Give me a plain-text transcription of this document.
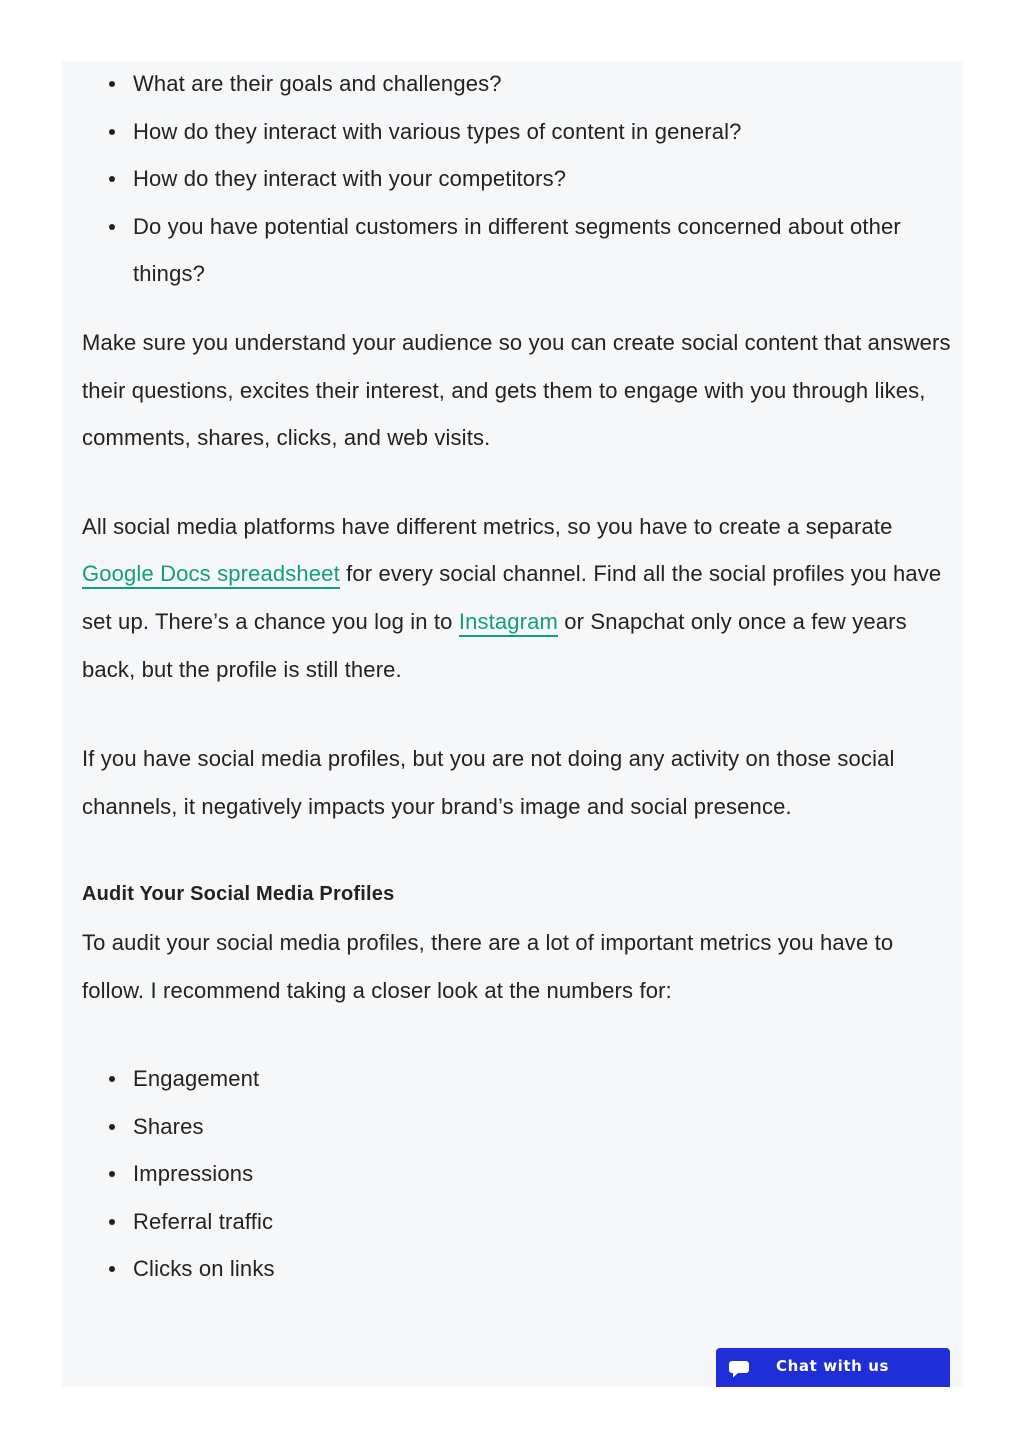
What are their goals and challenges?
How do they interact with various types of content in general?
How do they interact with your competitors?
Do you have potential customers in different segments concerned about other things?

Make sure you understand your audience so you can create social content that answers their questions, excites their interest, and gets them to engage with you through likes, comments, shares, clicks, and web visits.

All social media platforms have different metrics, so you have to create a separate Google Docs spreadsheet for every social channel. Find all the social profiles you have set up. There’s a chance you log in to Instagram or Snapchat only once a few years back, but the profile is still there.

If you have social media profiles, but you are not doing any activity on those social channels, it negatively impacts your brand’s image and social presence.

Audit Your Social Media Profiles

To audit your social media profiles, there are a lot of important metrics you have to follow. I recommend taking a closer look at the numbers for:

Engagement
Shares
Impressions
Referral traffic
Clicks on links
Chat with us
